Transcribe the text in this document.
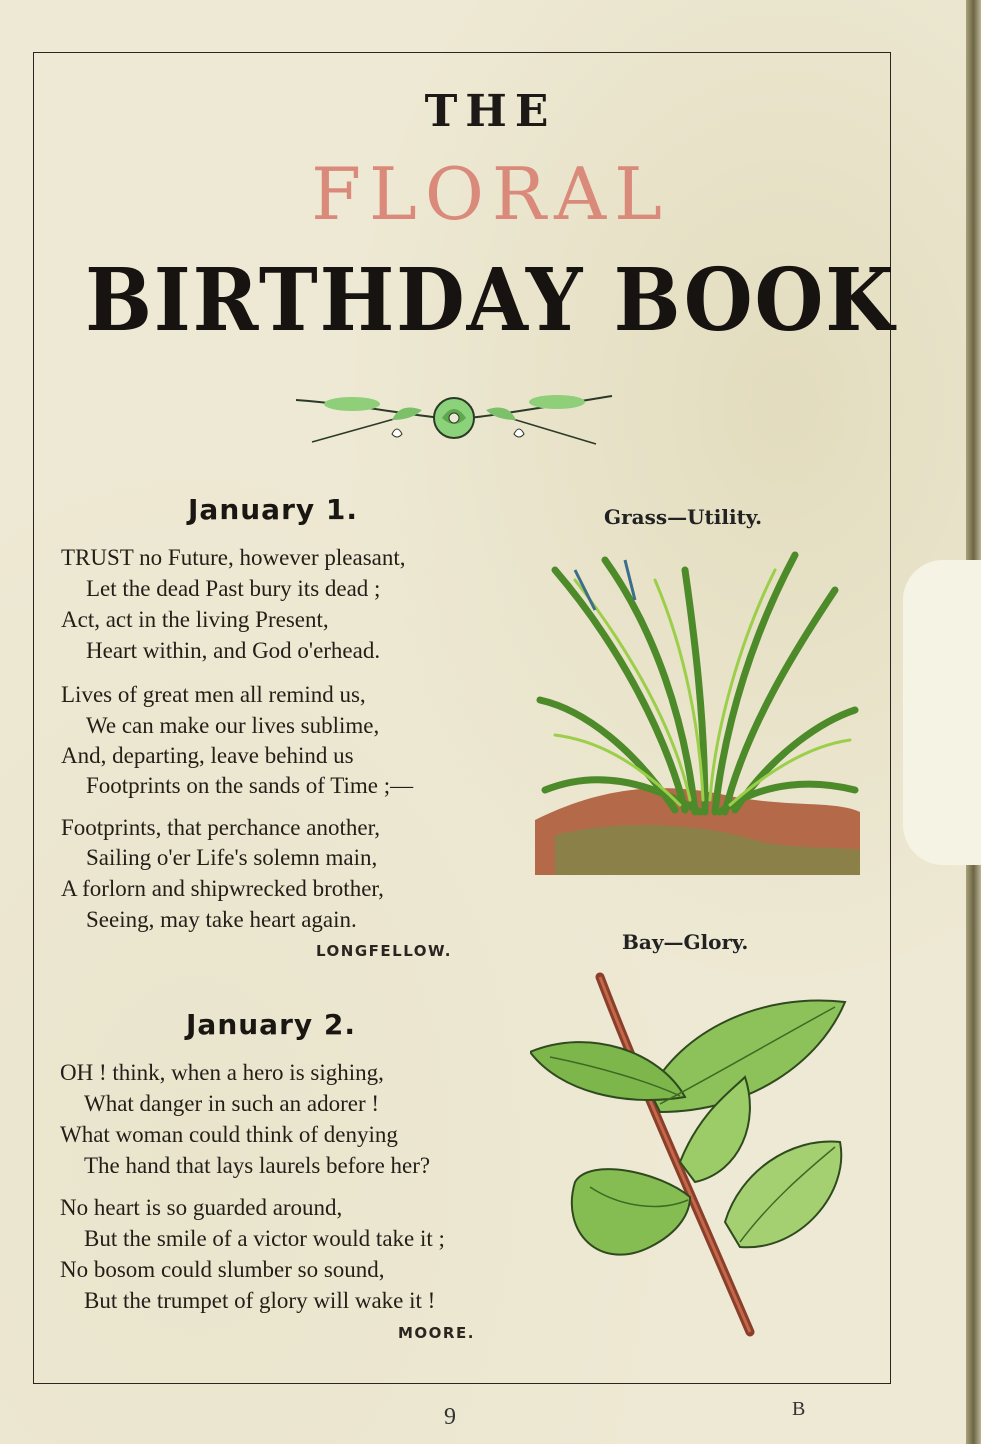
THE
FLORAL
BIRTHDAY BOOK
January 1.
TRUST no Future, however pleasant,
Let the dead Past bury its dead ;
Act, act in the living Present,
Heart within, and God o'erhead.
Lives of great men all remind us,
We can make our lives sublime,
And, departing, leave behind us
Footprints on the sands of Time ;—
Footprints, that perchance another,
Sailing o'er Life's solemn main,
A forlorn and shipwrecked brother,
Seeing, may take heart again.
LONGFELLOW.
January 2.
OH ! think, when a hero is sighing,
What danger in such an adorer !
What woman could think of denying
The hand that lays laurels before her?
No heart is so guarded around,
But the smile of a victor would take it ;
No bosom could slumber so sound,
But the trumpet of glory will wake it !
MOORE.
Grass—Utility.
Bay—Glory.
9	B
